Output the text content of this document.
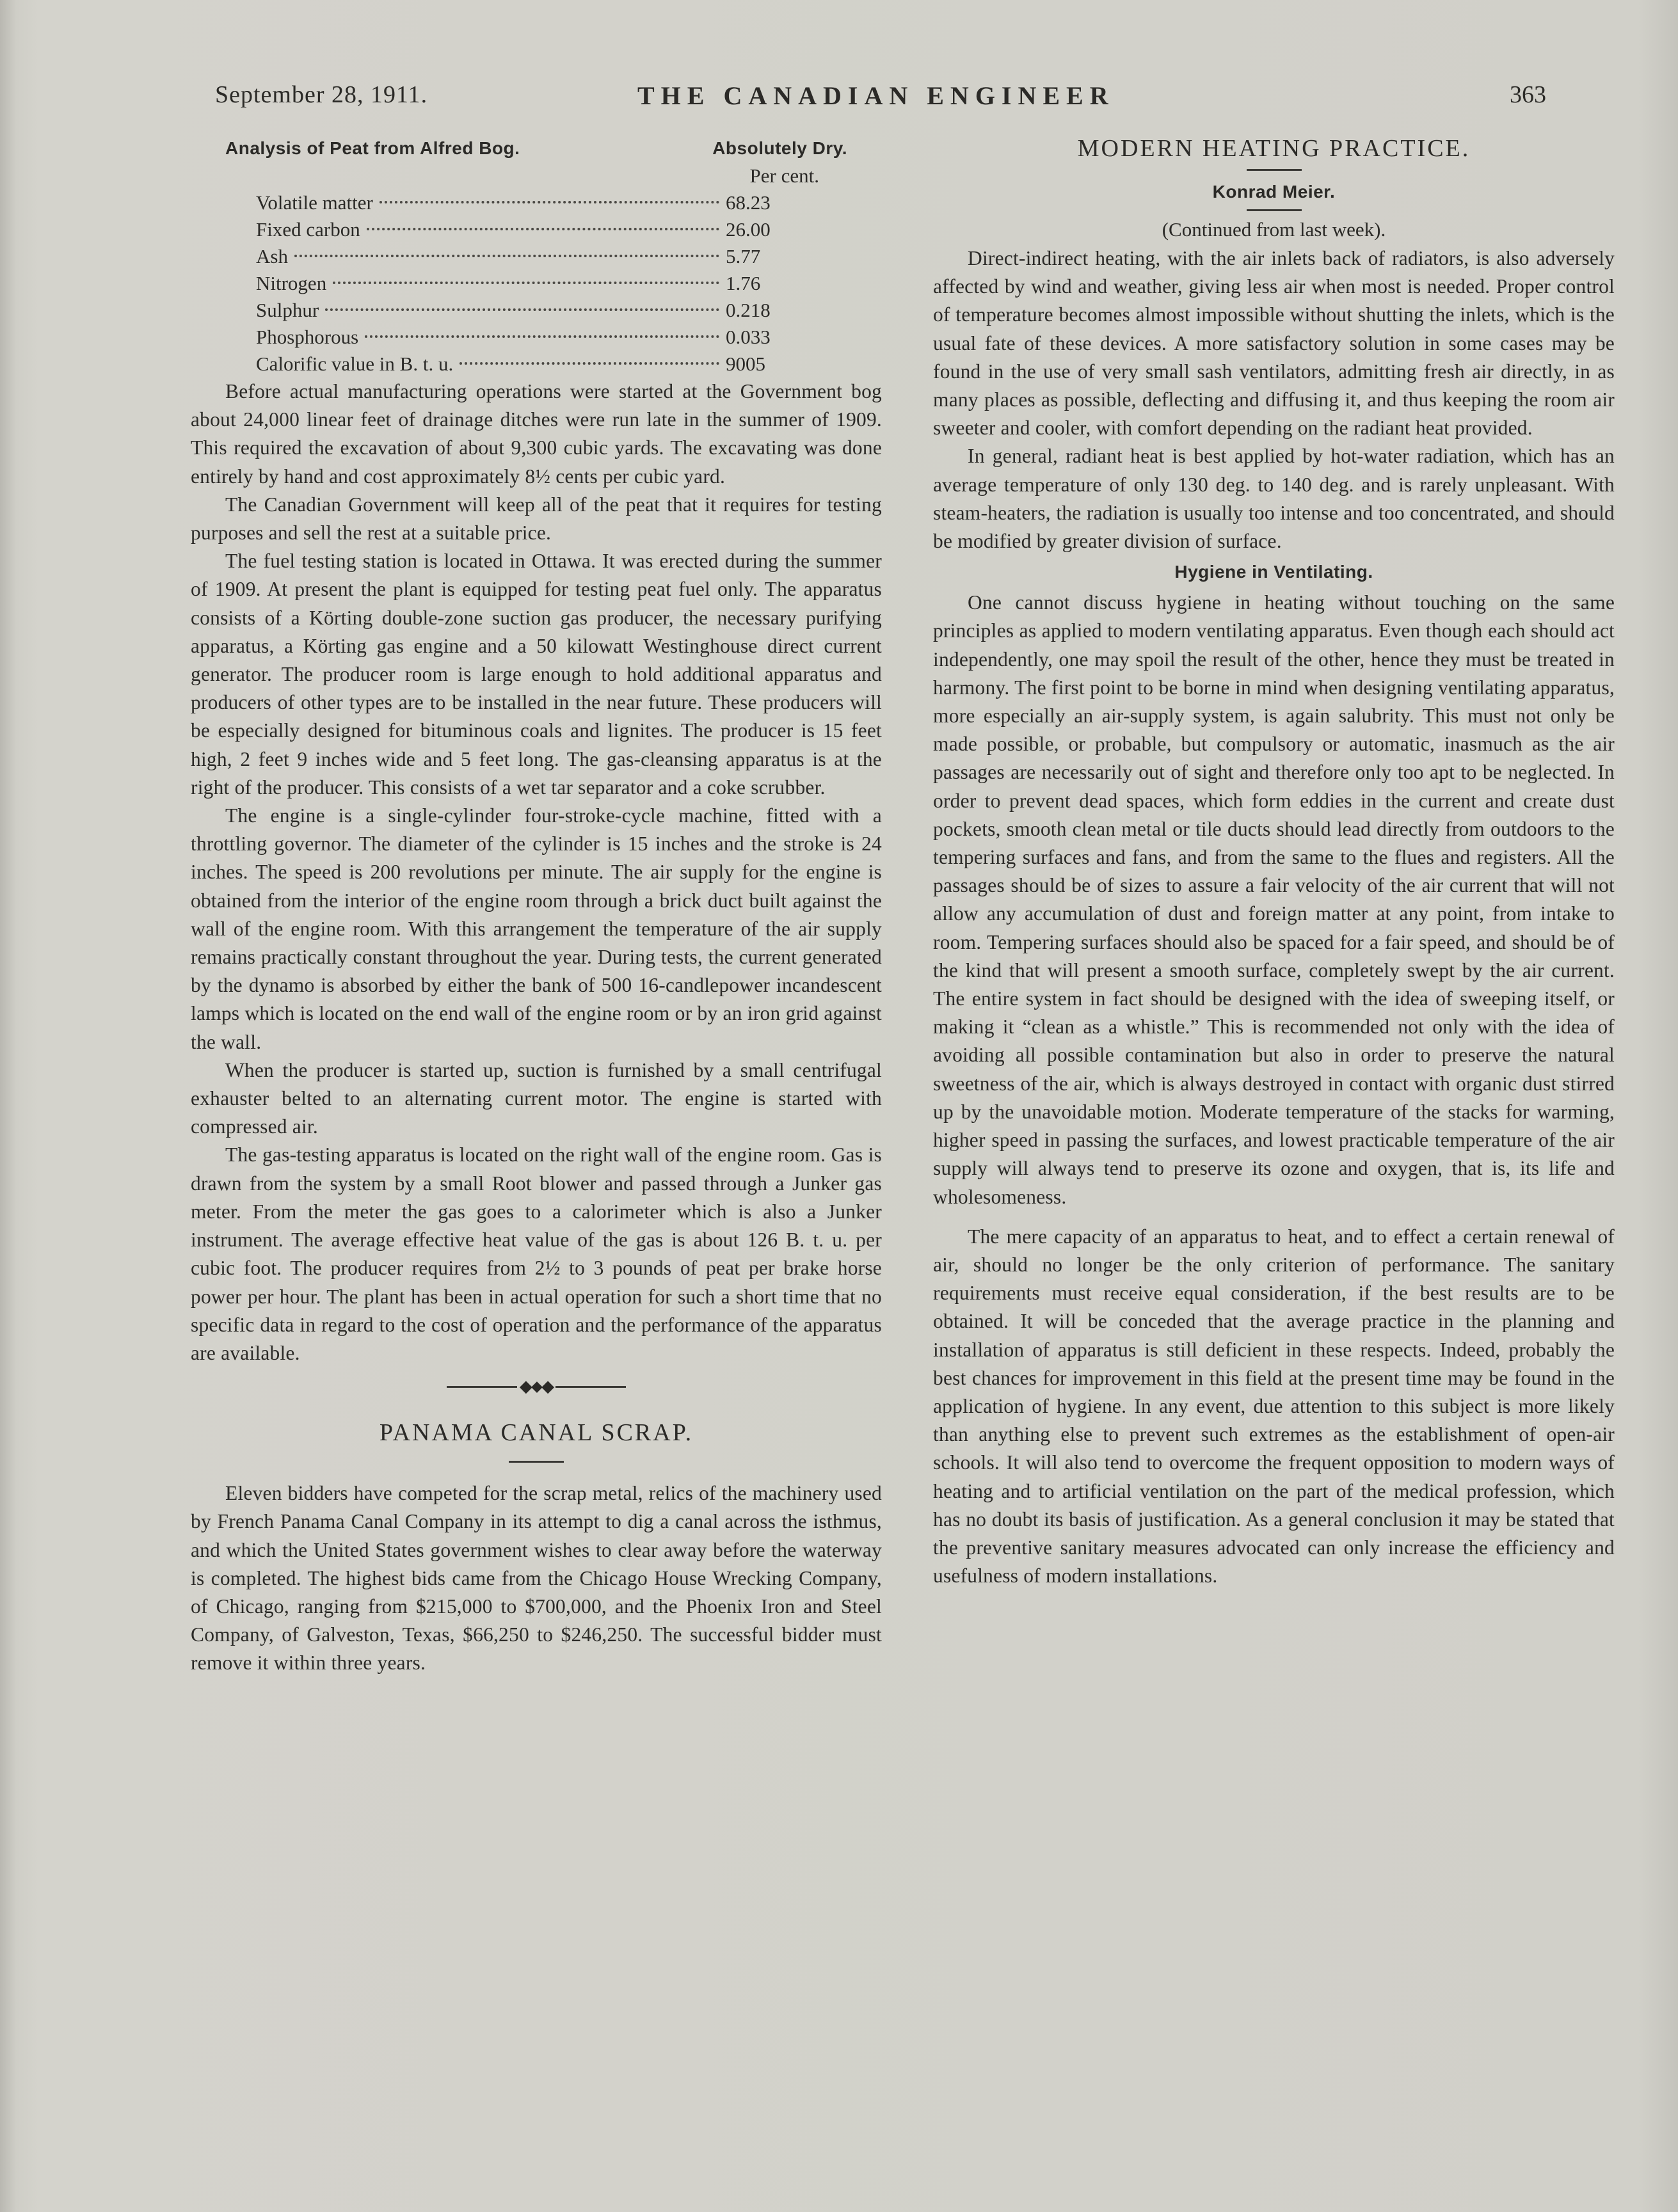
September 28, 1911.	THE CANADIAN ENGINEER	363
Analysis of Peat from Alfred Bog.	Absolutely Dry.
Per cent.
Volatile matter	68.23
Fixed carbon	26.00
Ash	5.77
Nitrogen	1.76
Sulphur	0.218
Phosphorous	0.033
Calorific value in B. t. u.	9005

Before actual manufacturing operations were started at the Government bog about 24,000 linear feet of drainage ditches were run late in the summer of 1909. This required the excavation of about 9,300 cubic yards. The excavating was done entirely by hand and cost approximately 8½ cents per cubic yard.

The Canadian Government will keep all of the peat that it requires for testing purposes and sell the rest at a suitable price.

The fuel testing station is located in Ottawa. It was erected during the summer of 1909. At present the plant is equipped for testing peat fuel only. The apparatus consists of a Körting double-zone suction gas producer, the necessary purifying apparatus, a Körting gas engine and a 50 kilowatt Westinghouse direct current generator. The producer room is large enough to hold additional apparatus and producers of other types are to be installed in the near future. These producers will be especially designed for bituminous coals and lignites. The producer is 15 feet high, 2 feet 9 inches wide and 5 feet long. The gas-cleansing apparatus is at the right of the producer. This consists of a wet tar separator and a coke scrubber.

The engine is a single-cylinder four-stroke-cycle machine, fitted with a throttling governor. The diameter of the cylinder is 15 inches and the stroke is 24 inches. The speed is 200 revolutions per minute. The air supply for the engine is obtained from the interior of the engine room through a brick duct built against the wall of the engine room. With this arrangement the temperature of the air supply remains practically constant throughout the year. During tests, the current generated by the dynamo is absorbed by either the bank of 500 16-candlepower incandescent lamps which is located on the end wall of the engine room or by an iron grid against the wall.

When the producer is started up, suction is furnished by a small centrifugal exhauster belted to an alternating current motor. The engine is started with compressed air.

The gas-testing apparatus is located on the right wall of the engine room. Gas is drawn from the system by a small Root blower and passed through a Junker gas meter. From the meter the gas goes to a calorimeter which is also a Junker instrument. The average effective heat value of the gas is about 126 B. t. u. per cubic foot. The producer requires from 2½ to 3 pounds of peat per brake horse power per hour. The plant has been in actual operation for such a short time that no specific data in regard to the cost of operation and the performance of the apparatus are available.

◆⬥◆
PANAMA CANAL SCRAP.

Eleven bidders have competed for the scrap metal, relics of the machinery used by French Panama Canal Company in its attempt to dig a canal across the isthmus, and which the United States government wishes to clear away before the waterway is completed. The highest bids came from the Chicago House Wrecking Company, of Chicago, ranging from $215,000 to $700,000, and the Phoenix Iron and Steel Company, of Galveston, Texas, $66,250 to $246,250. The successful bidder must remove it within three years.

MODERN HEATING PRACTICE.
Konrad Meier.
(Continued from last week).

Direct-indirect heating, with the air inlets back of radiators, is also adversely affected by wind and weather, giving less air when most is needed. Proper control of temperature becomes almost impossible without shutting the inlets, which is the usual fate of these devices. A more satisfactory solution in some cases may be found in the use of very small sash ventilators, admitting fresh air directly, in as many places as possible, deflecting and diffusing it, and thus keeping the room air sweeter and cooler, with comfort depending on the radiant heat provided.

In general, radiant heat is best applied by hot-water radiation, which has an average temperature of only 130 deg. to 140 deg. and is rarely unpleasant. With steam-heaters, the radiation is usually too intense and too concentrated, and should be modified by greater division of surface.

Hygiene in Ventilating.

One cannot discuss hygiene in heating without touching on the same principles as applied to modern ventilating apparatus. Even though each should act independently, one may spoil the result of the other, hence they must be treated in harmony. The first point to be borne in mind when designing ventilating apparatus, more especially an air-supply system, is again salubrity. This must not only be made possible, or probable, but compulsory or automatic, inasmuch as the air passages are necessarily out of sight and therefore only too apt to be neglected. In order to prevent dead spaces, which form eddies in the current and create dust pockets, smooth clean metal or tile ducts should lead directly from outdoors to the tempering surfaces and fans, and from the same to the flues and registers. All the passages should be of sizes to assure a fair velocity of the air current that will not allow any accumulation of dust and foreign matter at any point, from intake to room. Tempering surfaces should also be spaced for a fair speed, and should be of the kind that will present a smooth surface, completely swept by the air current. The entire system in fact should be designed with the idea of sweeping itself, or making it “clean as a whistle.” This is recommended not only with the idea of avoiding all possible contamination but also in order to preserve the natural sweetness of the air, which is always destroyed in contact with organic dust stirred up by the unavoidable motion. Moderate temperature of the stacks for warming, higher speed in passing the surfaces, and lowest practicable temperature of the air supply will always tend to preserve its ozone and oxygen, that is, its life and wholesomeness.

The mere capacity of an apparatus to heat, and to effect a certain renewal of air, should no longer be the only criterion of performance. The sanitary requirements must receive equal consideration, if the best results are to be obtained. It will be conceded that the average practice in the planning and installation of apparatus is still deficient in these respects. Indeed, probably the best chances for improvement in this field at the present time may be found in the application of hygiene. In any event, due attention to this subject is more likely than anything else to prevent such extremes as the establishment of open-air schools. It will also tend to overcome the frequent opposition to modern ways of heating and to artificial ventilation on the part of the medical profession, which has no doubt its basis of justification. As a general conclusion it may be stated that the preventive sanitary measures advocated can only increase the efficiency and usefulness of modern installations.
